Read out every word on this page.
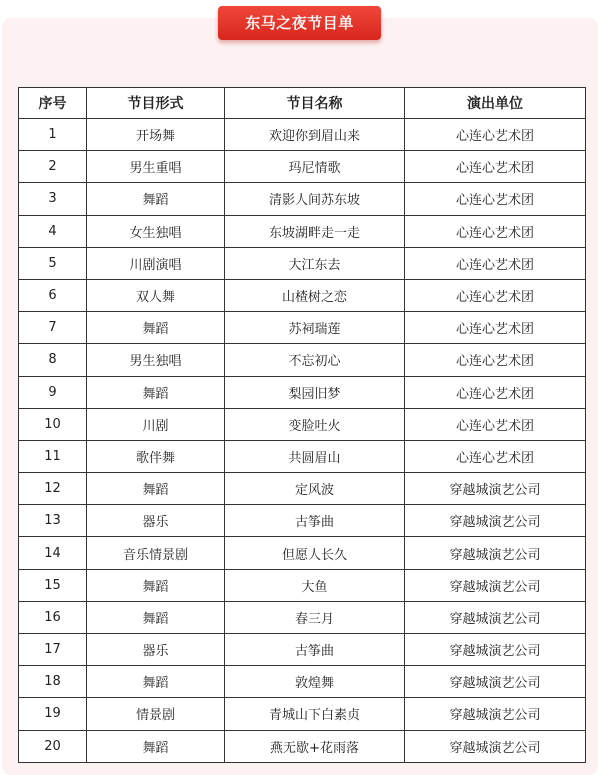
东马之夜节目单
序号	节目形式	节目名称	演出单位
1	开场舞	欢迎你到眉山来	心连心艺术团
2	男生重唱	玛尼情歌	心连心艺术团
3	舞蹈	清影人间苏东坡	心连心艺术团
4	女生独唱	东坡湖畔走一走	心连心艺术团
5	川剧演唱	大江东去	心连心艺术团
6	双人舞	山楂树之恋	心连心艺术团
7	舞蹈	苏祠瑞莲	心连心艺术团
8	男生独唱	不忘初心	心连心艺术团
9	舞蹈	梨园旧梦	心连心艺术团
10	川剧	变脸吐火	心连心艺术团
11	歌伴舞	共圆眉山	心连心艺术团
12	舞蹈	定风波	穿越城演艺公司
13	器乐	古筝曲	穿越城演艺公司
14	音乐情景剧	但愿人长久	穿越城演艺公司
15	舞蹈	大鱼	穿越城演艺公司
16	舞蹈	春三月	穿越城演艺公司
17	器乐	古筝曲	穿越城演艺公司
18	舞蹈	敦煌舞	穿越城演艺公司
19	情景剧	青城山下白素贞	穿越城演艺公司
20	舞蹈	燕无歇+花雨落	穿越城演艺公司
